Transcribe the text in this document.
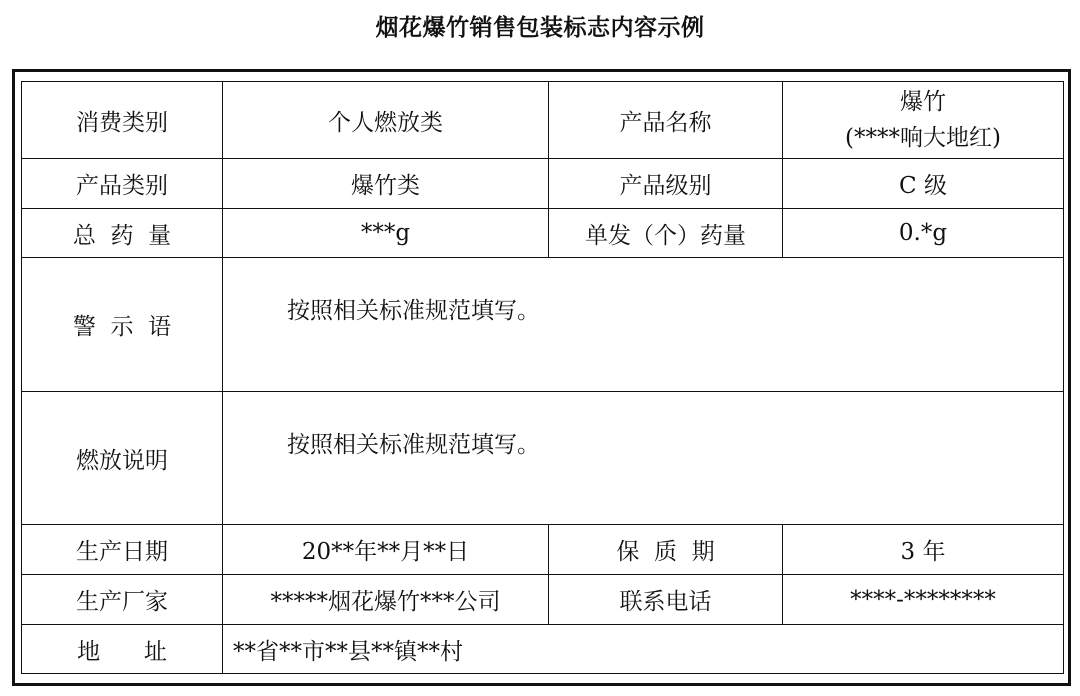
烟花爆竹销售包装标志内容示例
消费类别	个人燃放类	产品名称	爆竹
(****响大地红)

产品类别	爆竹类	产品级别	C 级
总  药  量	***g	单发（个）药量	0.*g
警  示  语	按照相关标准规范填写。		
燃放说明	按照相关标准规范填写。		
生产日期	20**年**月**日	保  质  期	3 年
生产厂家	*****烟花爆竹***公司	联系电话	****-********
地      址	**省**市**县**镇**村		
